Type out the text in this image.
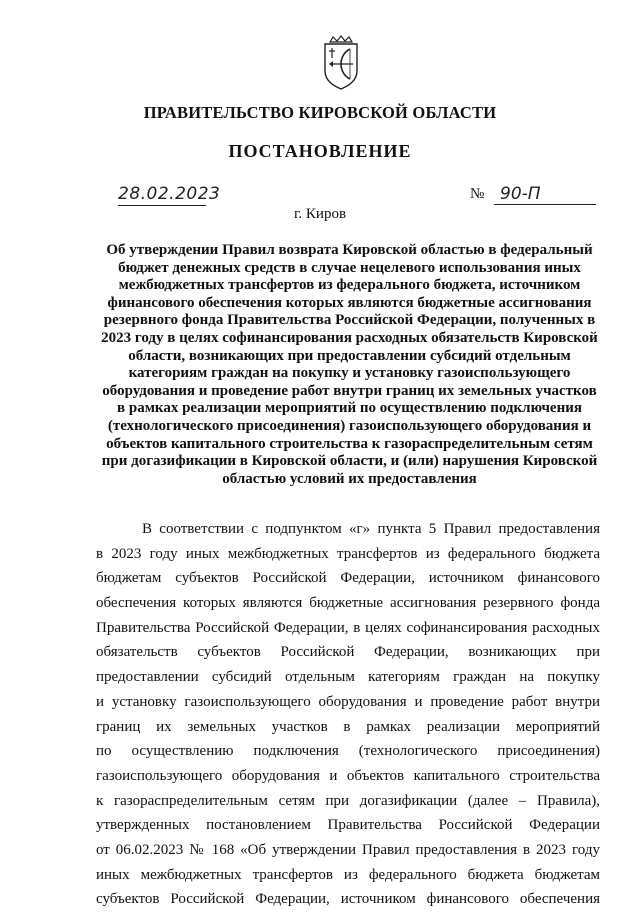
ПРАВИТЕЛЬСТВО КИРОВСКОЙ ОБЛАСТИ
ПОСТАНОВЛЕНИЕ
28.02.2023	№ 90-П
г. Киров
Об утверждении Правил возврата Кировской областью в федеральный
бюджет денежных средств в случае нецелевого использования иных
межбюджетных трансфертов из федерального бюджета, источником
финансового обеспечения которых являются бюджетные ассигнования
резервного фонда Правительства Российской Федерации, полученных в
2023 году в целях софинансирования расходных обязательств Кировской
области, возникающих при предоставлении субсидий отдельным
категориям граждан на покупку и установку газоиспользующего
оборудования и проведение работ внутри границ их земельных участков
в рамках реализации мероприятий по осуществлению подключения
(технологического присоединения) газоиспользующего оборудования и
объектов капитального строительства к газораспределительным сетям
при догазификации в Кировской области, и (или) нарушения Кировской
областью условий их предоставления
В соответствии с подпунктом «г» пункта 5 Правил предоставления
в 2023 году иных межбюджетных трансфертов из федерального бюджета
бюджетам субъектов Российской Федерации, источником финансового
обеспечения которых являются бюджетные ассигнования резервного фонда
Правительства Российской Федерации, в целях софинансирования расходных
обязательств субъектов Российской Федерации, возникающих при
предоставлении субсидий отдельным категориям граждан на покупку
и установку газоиспользующего оборудования и проведение работ внутри
границ их земельных участков в рамках реализации мероприятий
по осуществлению подключения (технологического присоединения)
газоиспользующего оборудования и объектов капитального строительства
к газораспределительным сетям при догазификации (далее – Правила),
утвержденных постановлением Правительства Российской Федерации
от 06.02.2023 № 168 «Об утверждении Правил предоставления в 2023 году
иных межбюджетных трансфертов из федерального бюджета бюджетам
субъектов Российской Федерации, источником финансового обеспечения
